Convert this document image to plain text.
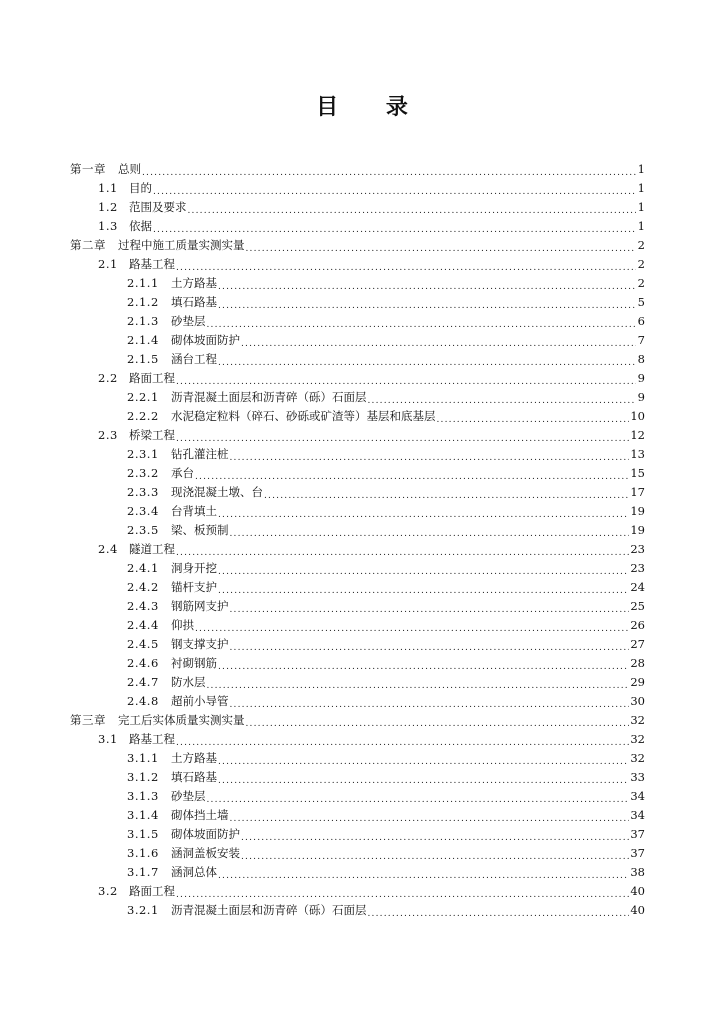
目 录
第一章	总则 .....	1
1.1 目的 .....	1
1.2 范围及要求 .....	1
1.3 依据 .....	1
第二章	过程中施工质量实测实量 .....	2
2.1 路基工程 .....	2
2.1.1	土方路基 .....	2
2.1.2	填石路基 .....	5
2.1.3	砂垫层 .....	6
2.1.4	砌体坡面防护 .....	7
2.1.5	涵台工程 .....	8
2.2 路面工程 .....	9
2.2.1	沥青混凝土面层和沥青碎（砾）石面层 .....	9
2.2.2	水泥稳定粒料（碎石、砂砾或矿渣等）基层和底基层 .....	10
2.3 桥梁工程 .....	12
2.3.1	钻孔灌注桩 .....	13
2.3.2	承台 .....	15
2.3.3	现浇混凝土墩、台 .....	17
2.3.4	台背填土 .....	19
2.3.5	梁、板预制 .....	19
2.4 隧道工程 .....	23
2.4.1	洞身开挖 .....	23
2.4.2	锚杆支护 .....	24
2.4.3	钢筋网支护 .....	25
2.4.4	仰拱 .....	26
2.4.5	钢支撑支护 .....	27
2.4.6	衬砌钢筋 .....	28
2.4.7	防水层 .....	29
2.4.8	超前小导管 .....	30
第三章	完工后实体质量实测实量 .....	32
3.1 路基工程 .....	32
3.1.1	土方路基 .....	32
3.1.2	填石路基 .....	33
3.1.3	砂垫层 .....	34
3.1.4	砌体挡土墙 .....	34
3.1.5	砌体坡面防护 .....	37
3.1.6	涵洞盖板安装 .....	37
3.1.7	涵洞总体 .....	38
3.2 路面工程 .....	40
3.2.1	沥青混凝土面层和沥青碎（砾）石面层 .....	40
